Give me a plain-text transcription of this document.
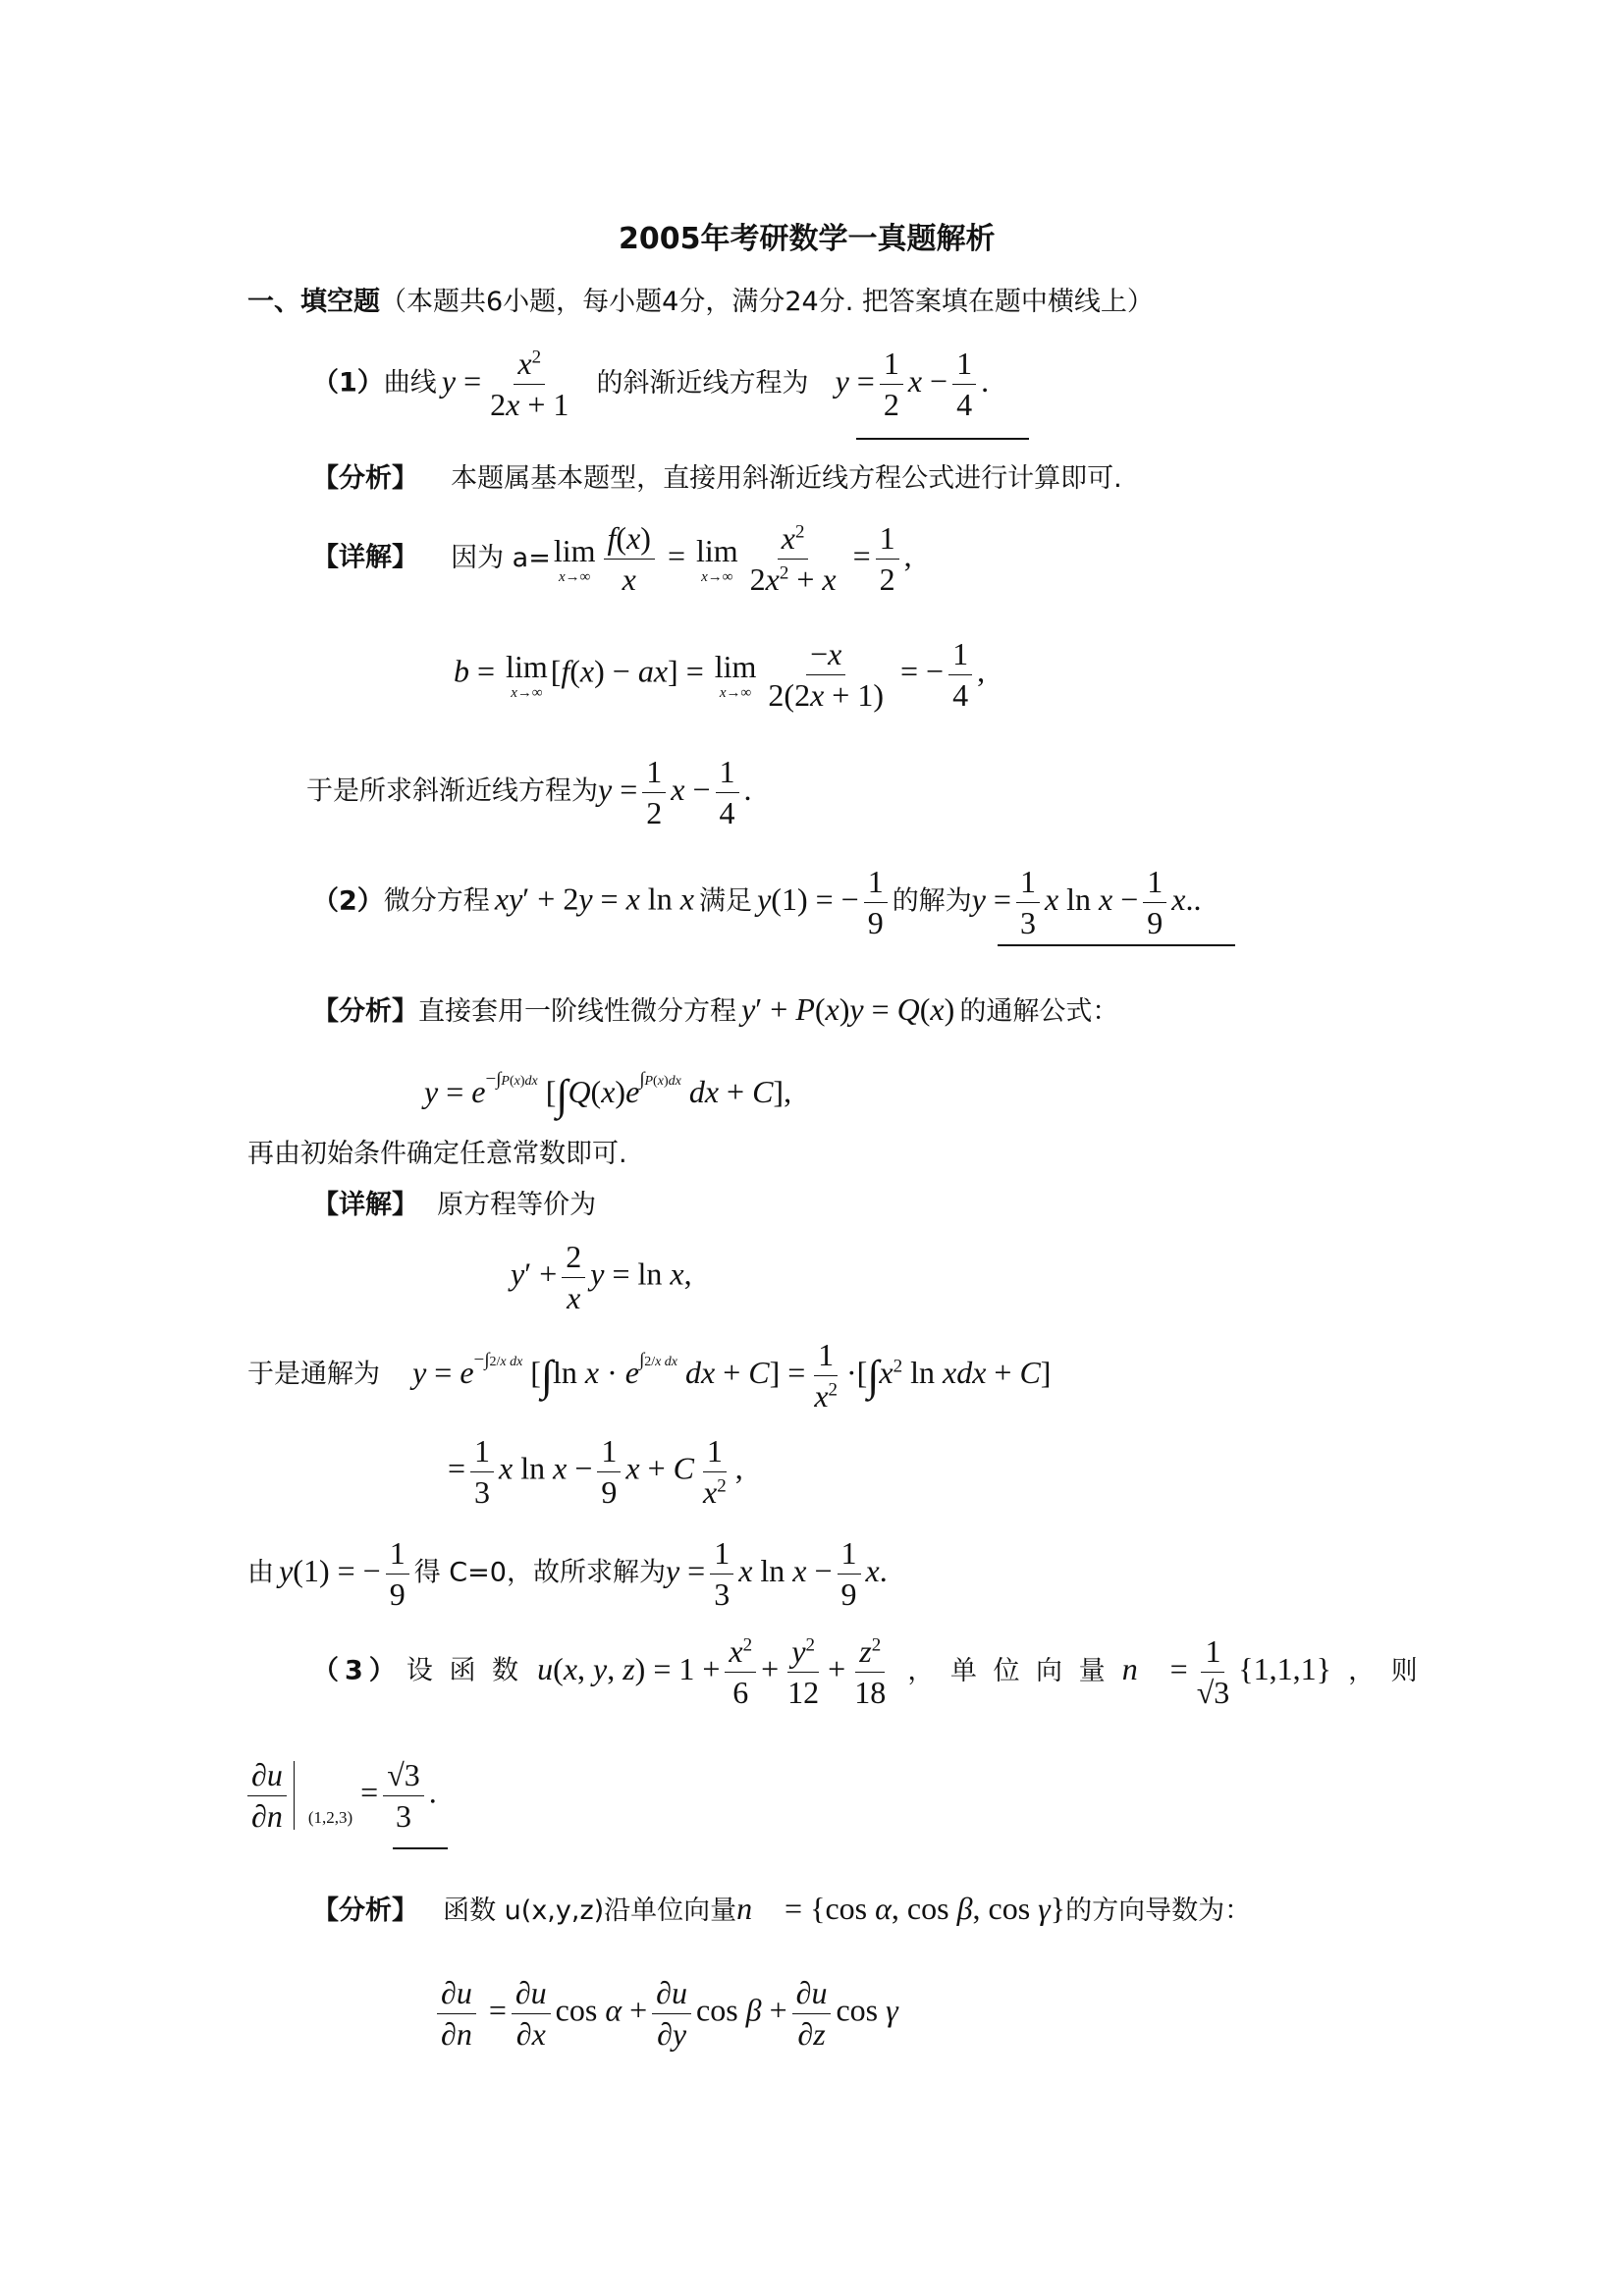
2005年考研数学一真题解析
一、填空题（本题共6小题，每小题4分，满分24分. 把答案填在题中横线上）
（1）曲线 $y = \frac{x^2}{2x + 1}$ 的斜渐近线方程为 $y = \frac{1}{2}$ $x - \frac{1}{4}$ .
【分析】 本题属基本题型，直接用斜渐近线方程公式进行计算即可.
【详解】 因为 a=lim
$x\to\infty \frac{f(x)}{x} = \lim$
$x\to\infty \frac{x^2}{2x^2 + x} = \frac{1}{2}$ ,
b = lim
x→∞
[f(x) − ax] = lim
$x\to\infty \frac{-x}{2(2x + 1)}$ = − $\frac{1}{4}$ ,
于是所求斜渐近线方程为$y = \frac{1}{2}$ $x - \frac{1}{4}$ .
（2）微分方程 xy′ + 2y = x ln x 满足 y(1) = − $\frac{1}{9}$ 的解为$y = \frac{1}{3}$ x $\ln x - \frac{1}{9} x$..
【分析】直接套用一阶线性微分方程 y′ + P(x)y = Q(x) 的通解公式：
$y = e^{-\int P(x)dx}$ [$\int Q(x)e^{\int P(x)dx}$ dx + C],
再由初始条件确定任意常数即可.
【详解】 原方程等价为
$y' + \frac{2}{x}$ y = ln x,
于是通解为 $y = e^{-\int 2/x dx}$ [∫ln $x \cdot e^{\int 2/x dx}$ dx + $C] = \frac{1}{x^2} \cdot[\int x^2$ ln xdx + C]
= $\frac{1}{3}$ x $\ln x - \frac{1}{9}$ x + C $\frac{1}{x^2}$ ,
由 y(1) = − $\frac{1}{9}$ 得 C=0，故所求解为$y = \frac{1}{3}$ x $\ln x - \frac{1}{9} x$.
（3） 设 函 数 u(x, y, $z) = 1 + \frac{x^2}{6} + \frac{y^2}{12} + \frac{z^2}{18}$ ， 单 位 向 量 n⃗ = $\frac{1}{√3} \{1,1,1\}$ ， 则
$\frac{\partial u}{\partial n} _{(1,2,3)} = \frac{√3}{3}$ .
【分析】 函数 u(x,y,z)沿单位向量n⃗ = {cos α, cos β, cos γ}的方向导数为：
$\frac{\partial u}{\partial n} = \frac{\partial u}{\partial x}$ $\cos \alpha + \frac{\partial u}{\partial y}$ $\cos \beta + \frac{\partial u}{\partial z}$ cos γ
